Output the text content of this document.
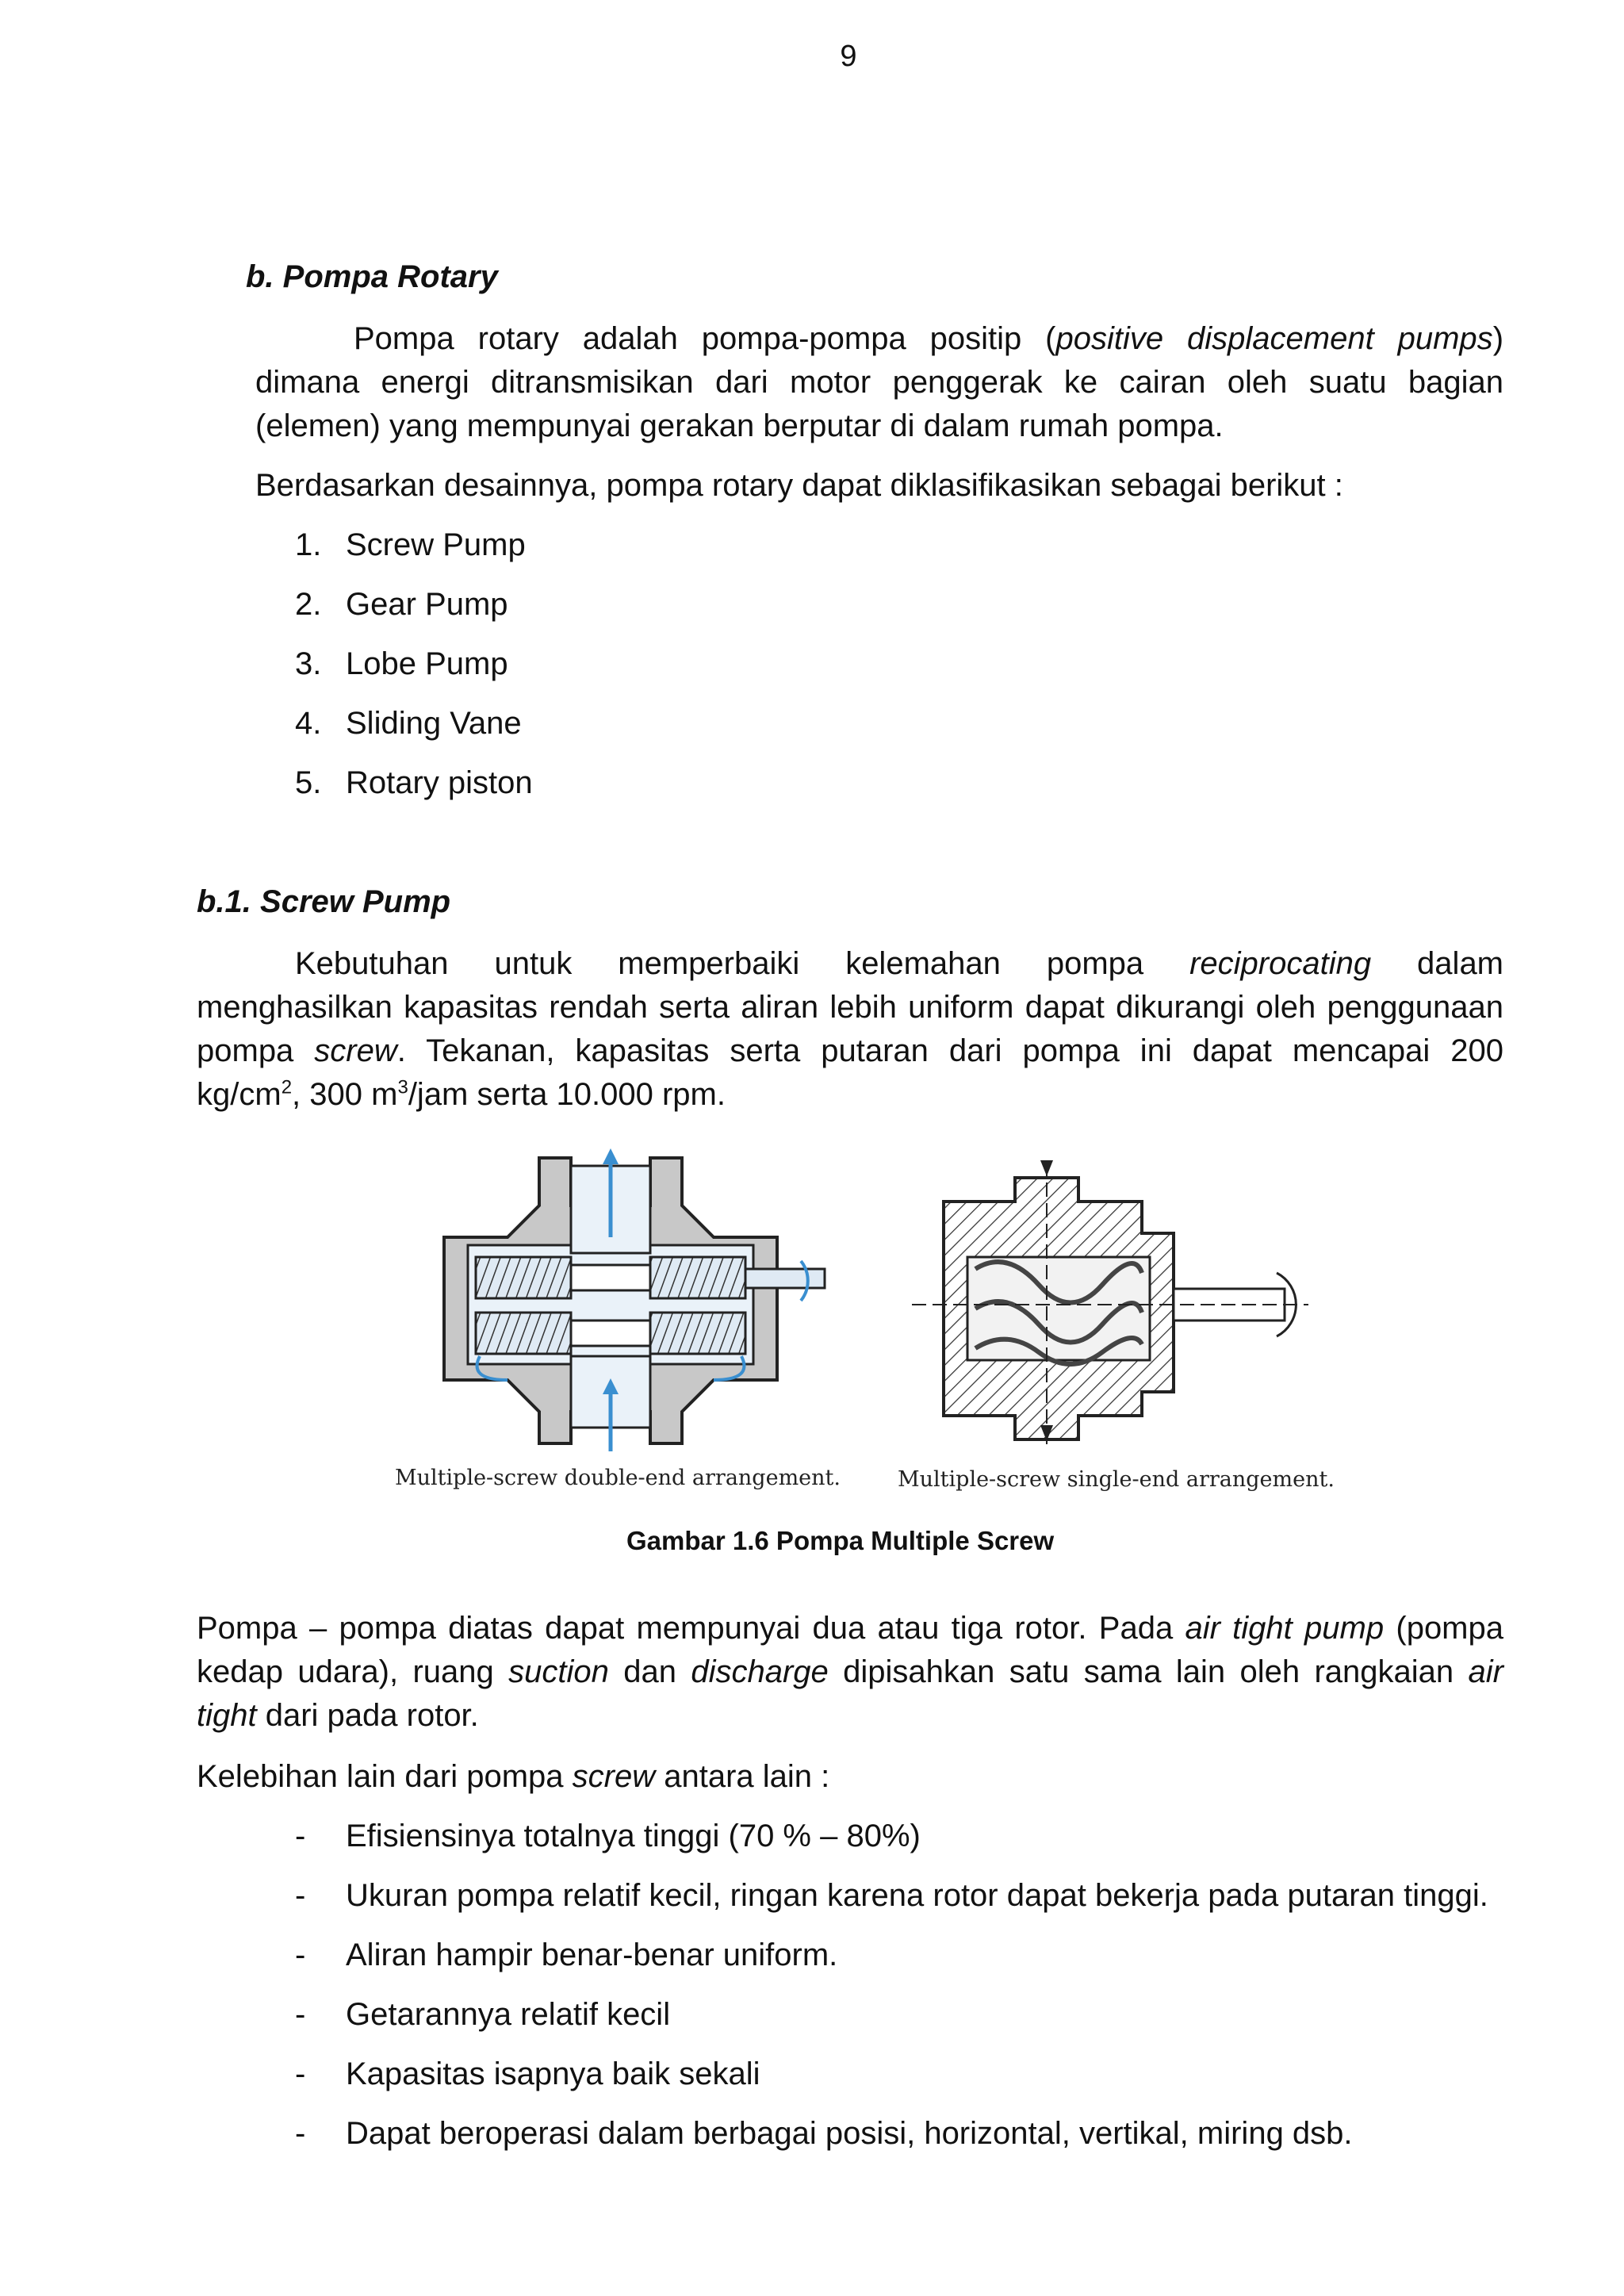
9
b. Pompa Rotary
Pompa rotary adalah pompa-pompa positip (positive displacement pumps)
dimana energi ditransmisikan dari motor penggerak ke cairan oleh suatu bagian
(elemen) yang mempunyai gerakan berputar di dalam rumah pompa.
Berdasarkan desainnya, pompa rotary dapat diklasifikasikan sebagai berikut :
1. Screw Pump
2. Gear Pump
3. Lobe Pump
4. Sliding Vane
5. Rotary piston
b.1. Screw Pump
Kebutuhan untuk memperbaiki kelemahan pompa reciprocating dalam
menghasilkan kapasitas rendah serta aliran lebih uniform dapat dikurangi oleh penggunaan
pompa screw. Tekanan, kapasitas serta putaran dari pompa ini dapat mencapai 200
$kg/cm^2$, 300 $m^3$/jam serta 10.000 rpm.
Multiple-screw double-end arrangement.	Multiple-screw single-end arrangement.
Gambar 1.6 Pompa Multiple Screw
Pompa – pompa diatas dapat mempunyai dua atau tiga rotor. Pada air tight pump (pompa
kedap udara), ruang suction dan discharge dipisahkan satu sama lain oleh rangkaian air
tight dari pada rotor.
Kelebihan lain dari pompa screw antara lain :
- Efisiensinya totalnya tinggi (70 % – 80%)
- Ukuran pompa relatif kecil, ringan karena rotor dapat bekerja pada putaran tinggi.
- Aliran hampir benar-benar uniform.
- Getarannya relatif kecil
- Kapasitas isapnya baik sekali
- Dapat beroperasi dalam berbagai posisi, horizontal, vertikal, miring dsb.
